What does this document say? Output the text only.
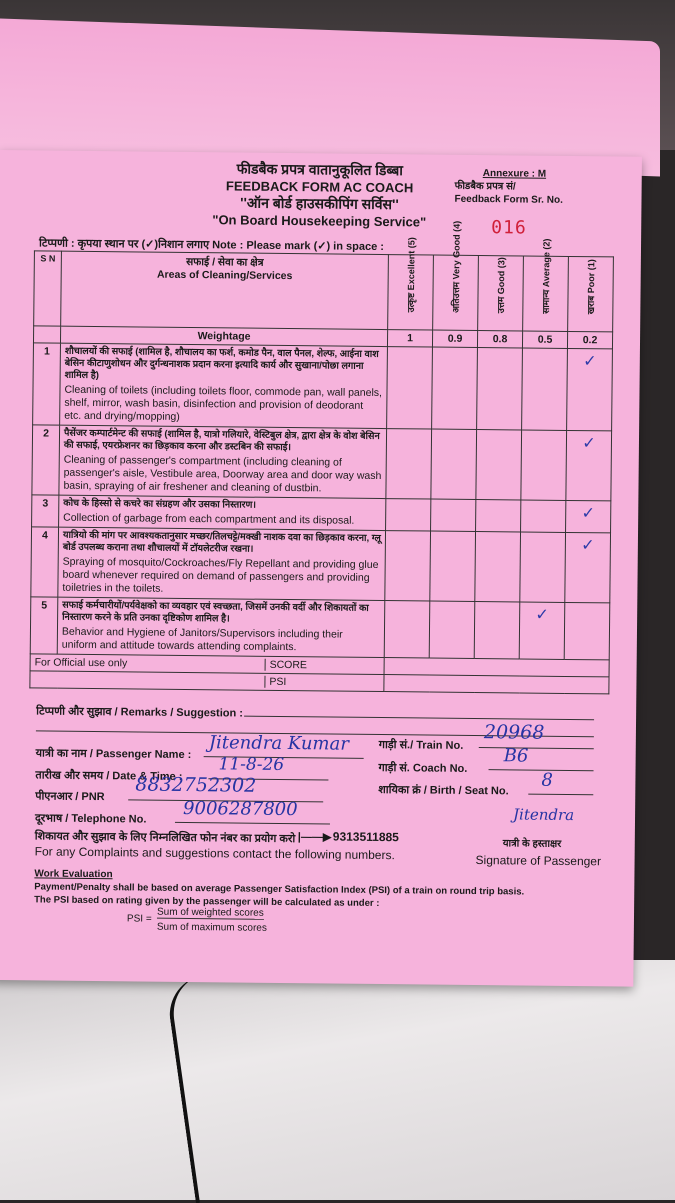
फीडबैक प्रपत्र वातानुकूलित डिब्बा
FEEDBACK FORM AC COACH
''ऑन बोर्ड हाउसकीपिंग सर्विस''
"On Board Housekeeping Service"
Annexure : M
फीडबैक प्रपत्र सं/
Feedback Form Sr. No.
016
टिप्पणी : कृपया स्थान पर (✓)निशान लगाए Note : Please mark (✓) in space :
S N	सफाई / सेवा का क्षेत्र
Areas of Cleaning/Services	उत्कृष्ट Excellent (5)	अतिउत्तम Very Good (4)	उत्तम Good (3)	सामान्य Average (2)	खराब Poor (1)

	Weightage	1	0.9	0.8	0.5	0.2
1	शौचालयों की सफाई (शामिल है, शौचालय का फर्श, कमोड पैन, वाल पैनल, शेल्फ, आईना वाश बेसिन कीटाणुशोधन और दुर्गन्धनाशक प्रदान करना इत्यादि कार्य और सुखाना/पोछा लगाना शामिल है)
Cleaning of toilets (including toilets floor, commode pan, wall panels, shelf, mirror, wash basin, disinfection and provision of deodorant etc. and drying/mopping)					✓
2	पैसेंजर कम्पार्टमेन्ट की सफाई (शामिल है, यात्रो गलियारे, वेस्टिबुल क्षेत्र, द्वारा क्षेत्र के वोश बेसिन की सफाई, एयरफ्रेशनर का छिड़काव करना और डस्टबिन की सफाई।
Cleaning of passenger's compartment (including cleaning of passenger's aisle, Vestibule area, Doorway area and door way wash basin, spraying of air freshener and cleaning of dustbin.					✓
3	कोच के हिस्सो से कचरे का संग्रहण और उसका निस्तारण।
Collection of garbage from each compartment and its disposal.					✓
4	यात्रियो की मांग पर आवश्यकतानुसार मच्छर/तिलचट्टे/मक्खी नाशक दवा का छिड़काव करना, ग्लू बोर्ड उपलब्ध कराना तथा शौचालयों में टॉयलेटरीज रखना।
Spraying of mosquito/Cockroaches/Fly Repellant and providing glue board whenever required on demand of passengers and providing toiletries in the toilets.					✓
5	सफाई कर्मचारीयों/पर्यवेक्षको का व्यवहार एवं स्वच्छता, जिसमें उनकी वर्दी और शिकायतों का निस्तारण करने के प्रति उनका दृष्टिकोण शामिल है।
Behavior and Hygiene of Janitors/Supervisors including their uniform and attitude towards attending complaints.				✓	
For Official use only SCORE						

PSI						

टिप्पणी और सुझाव / Remarks / Suggestion :
यात्री का नाम / Passenger Name : Jitendra Kumar
तारीख और समय / Date & Time :
11-8-26
पीएनआर / PNR
8832752302
दूरभाष / Telephone No. 9006287800
गाड़ी सं./ Train No.
20968
गाड़ी सं. Coach No.
B6
शायिका क्रं / Birth / Seat No. 8
Jitendra
शिकायत और सुझाव के लिए निम्नलिखित फोन नंबर का प्रयोग करो |——▶ 9313511885
For any Complaints and suggestions contact the following numbers.
यात्री के हस्ताक्षर
Signature of Passenger
Work Evaluation
Payment/Penalty shall be based on average Passenger Satisfaction Index (PSI) of a train on round trip basis.
The PSI based on rating given by the passenger will be calculated as under :
PSI =
Sum of weighted scores
Sum of maximum scores
